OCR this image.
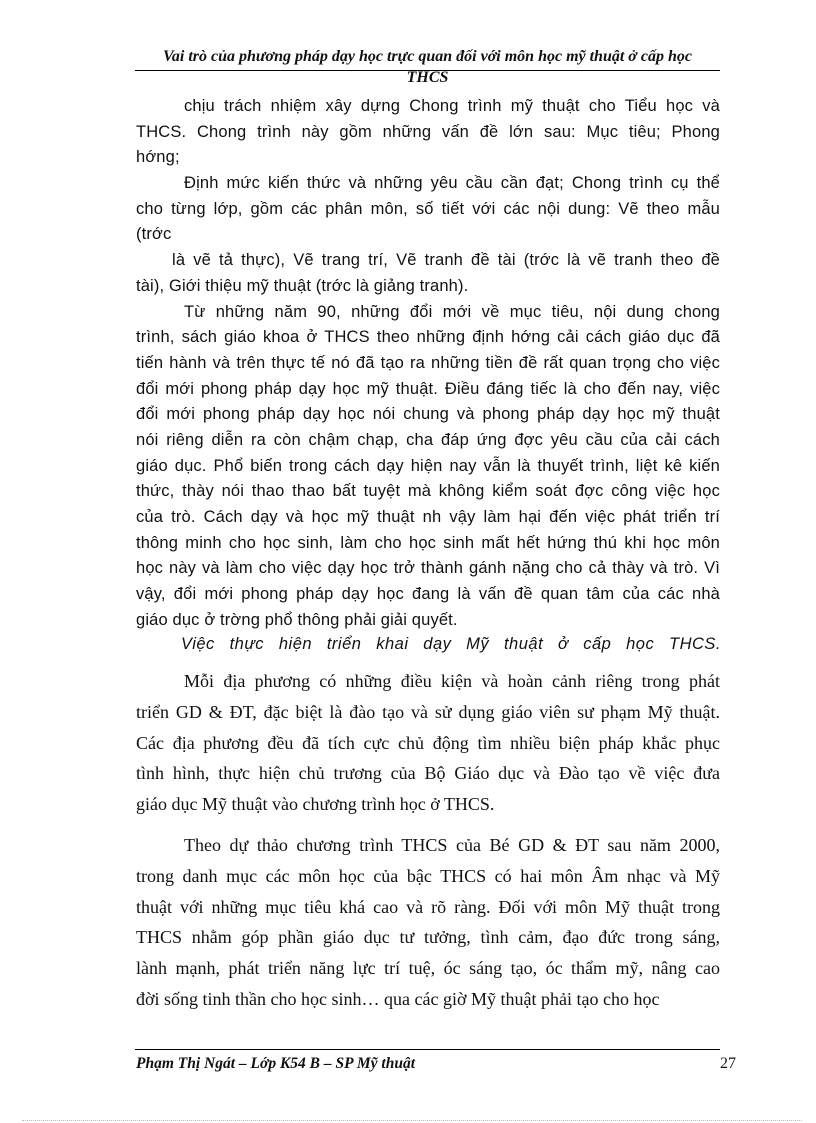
Vai trò của phương pháp dạy học trực quan đối với môn học mỹ thuật ở cấp học
THCS

chịu trách nhiệm xây dựng Chong trình mỹ thuật cho Tiểu học và
THCS. Chong trình này gồm những vấn đề lớn sau: Mục tiêu; Phong
hớng;

Định mức kiến thức và những yêu cầu cần đạt; Chong trình cụ thể
cho từng lớp, gồm các phân môn, số tiết với các nội dung: Vẽ theo mẫu
(trớc

là vẽ tả thực), Vẽ trang trí, Vẽ tranh đề tài (trớc là vẽ tranh theo đề
tài), Giới thiệu mỹ thuật (trớc là giảng tranh).

Từ những năm 90, những đổi mới về mục tiêu, nội dung chong
trình, sách giáo khoa ở THCS theo những định hớng cải cách giáo dục đã
tiến hành và trên thực tế nó đã tạo ra những tiền đề rất quan trọng cho việc
đổi mới phong pháp dạy học mỹ thuật. Điều đáng tiếc là cho đến nay, việc
đổi mới phong pháp dạy học nói chung và phong pháp dạy học mỹ thuật
nói riêng diễn ra còn chậm chạp, cha đáp ứng đợc yêu cầu của cải cách
giáo dục. Phổ biến trong cách dạy hiện nay vẫn là thuyết trình, liệt kê kiến
thức, thày nói thao thao bất tuyệt mà không kiểm soát đợc công việc học
của trò. Cách dạy và học mỹ thuật nh vậy làm hại đến việc phát triển trí
thông minh cho học sinh, làm cho học sinh mất hết hứng thú khi học môn
học này và làm cho việc dạy học trở thành gánh nặng cho cả thày và trò. Vì
vậy, đổi mới phong pháp dạy học đang là vấn đề quan tâm của các nhà
giáo dục ở trờng phổ thông phải giải quyết.

Việc thực hiện triển khai dạy Mỹ thuật ở cấp học THCS.
Mỗi địa phương có những điều kiện và hoàn cảnh riêng trong phát
triển GD & ĐT, đặc biệt là đào tạo và sử dụng giáo viên sư phạm Mỹ thuật.
Các địa phương đều đã tích cực chủ động tìm nhiều biện pháp khắc phục
tình hình, thực hiện chủ trương của Bộ Giáo dục và Đào tạo về việc đưa
giáo dục Mỹ thuật vào chương trình học ở THCS.
Theo dự thảo chương trình THCS của Bé GD & ĐT sau năm 2000,
trong danh mục các môn học của bậc THCS có hai môn Âm nhạc và Mỹ
thuật với những mục tiêu khá cao và rõ ràng. Đối với môn Mỹ thuật trong
THCS nhằm góp phần giáo dục tư tưởng, tình cảm, đạo đức trong sáng,
lành mạnh, phát triển năng lực trí tuệ, óc sáng tạo, óc thẩm mỹ, nâng cao
đời sống tinh thần cho học sinh… qua các giờ Mỹ thuật phải tạo cho học
Phạm Thị Ngát – Lớp K54 B – SP Mỹ thuật	27
